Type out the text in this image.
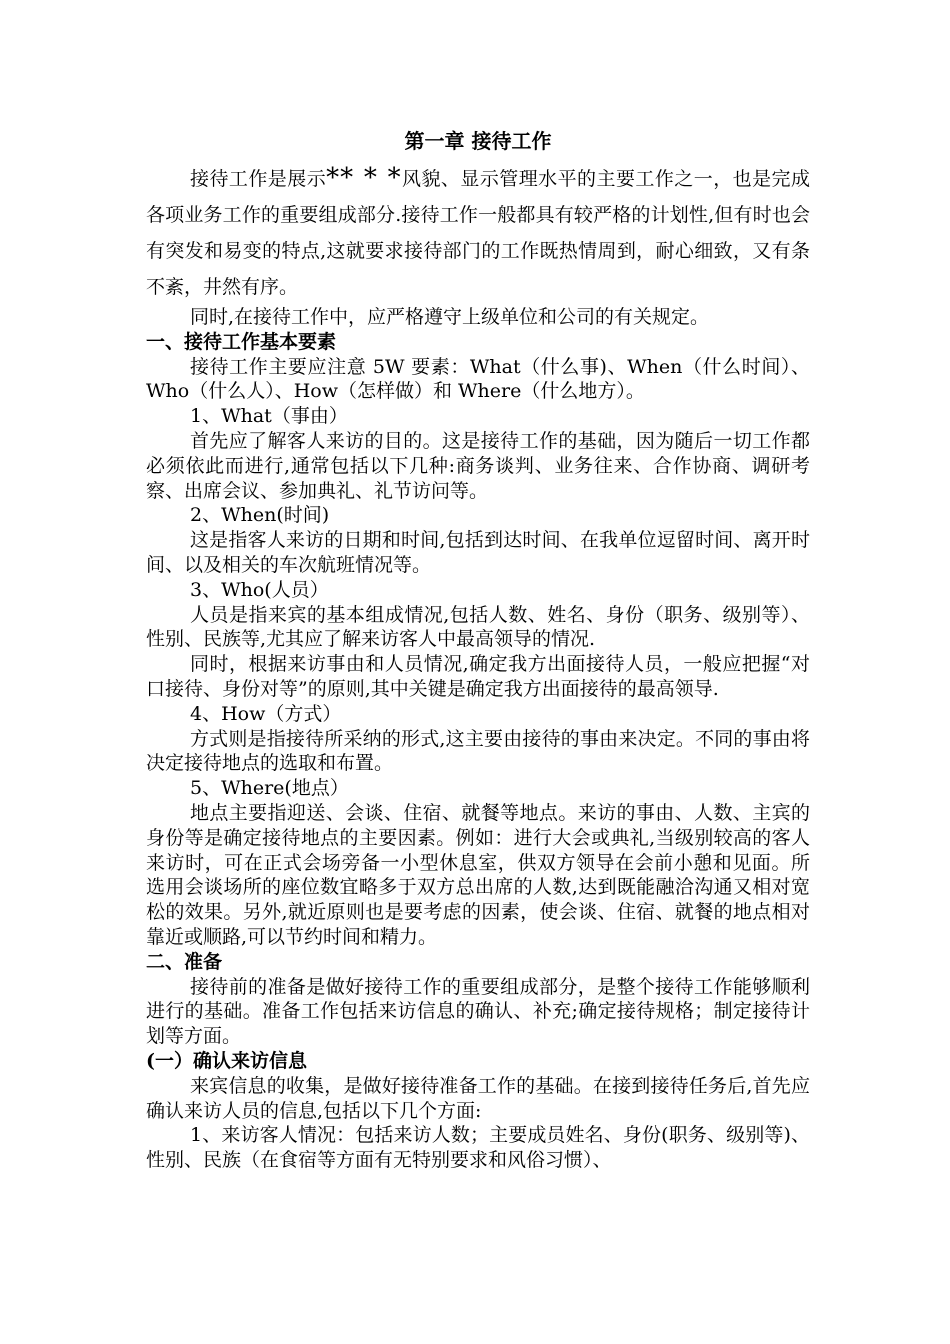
第一章 接待工作

接待工作是展示** * *风貌、显示管理水平的主要工作之一，也是完成各项业务工作的重要组成部分.接待工作一般都具有较严格的计划性,但有时也会有突发和易变的特点,这就要求接待部门的工作既热情周到，耐心细致，又有条不紊，井然有序。

同时,在接待工作中，应严格遵守上级单位和公司的有关规定。

一、接待工作基本要素

接待工作主要应注意 5W 要素：What（什么事)、When（什么时间）、Who（什么人）、How（怎样做）和 Where（什么地方）。

1、What（事由）

首先应了解客人来访的目的。这是接待工作的基础，因为随后一切工作都必须依此而进行,通常包括以下几种:商务谈判、业务往来、合作协商、调研考察、出席会议、参加典礼、礼节访问等。

2、When(时间)

这是指客人来访的日期和时间,包括到达时间、在我单位逗留时间、离开时间、以及相关的车次航班情况等。

3、Who(人员）

人员是指来宾的基本组成情况,包括人数、姓名、身份（职务、级别等）、性别、民族等,尤其应了解来访客人中最高领导的情况.

同时，根据来访事由和人员情况,确定我方出面接待人员，一般应把握“对口接待、身份对等”的原则,其中关键是确定我方出面接待的最高领导.

4、How（方式）

方式则是指接待所采纳的形式,这主要由接待的事由来决定。不同的事由将决定接待地点的选取和布置。

5、Where(地点）

地点主要指迎送、会谈、住宿、就餐等地点。来访的事由、人数、主宾的身份等是确定接待地点的主要因素。例如：进行大会或典礼,当级别较高的客人来访时，可在正式会场旁备一小型休息室，供双方领导在会前小憩和见面。所选用会谈场所的座位数宜略多于双方总出席的人数,达到既能融洽沟通又相对宽松的效果。另外,就近原则也是要考虑的因素，使会谈、住宿、就餐的地点相对靠近或顺路,可以节约时间和精力。

二、准备

接待前的准备是做好接待工作的重要组成部分，是整个接待工作能够顺利进行的基础。准备工作包括来访信息的确认、补充;确定接待规格；制定接待计划等方面。

(一）确认来访信息

来宾信息的收集，是做好接待准备工作的基础。在接到接待任务后,首先应确认来访人员的信息,包括以下几个方面:

1、来访客人情况：包括来访人数；主要成员姓名、身份(职务、级别等)、性别、民族（在食宿等方面有无特别要求和风俗习惯）、
